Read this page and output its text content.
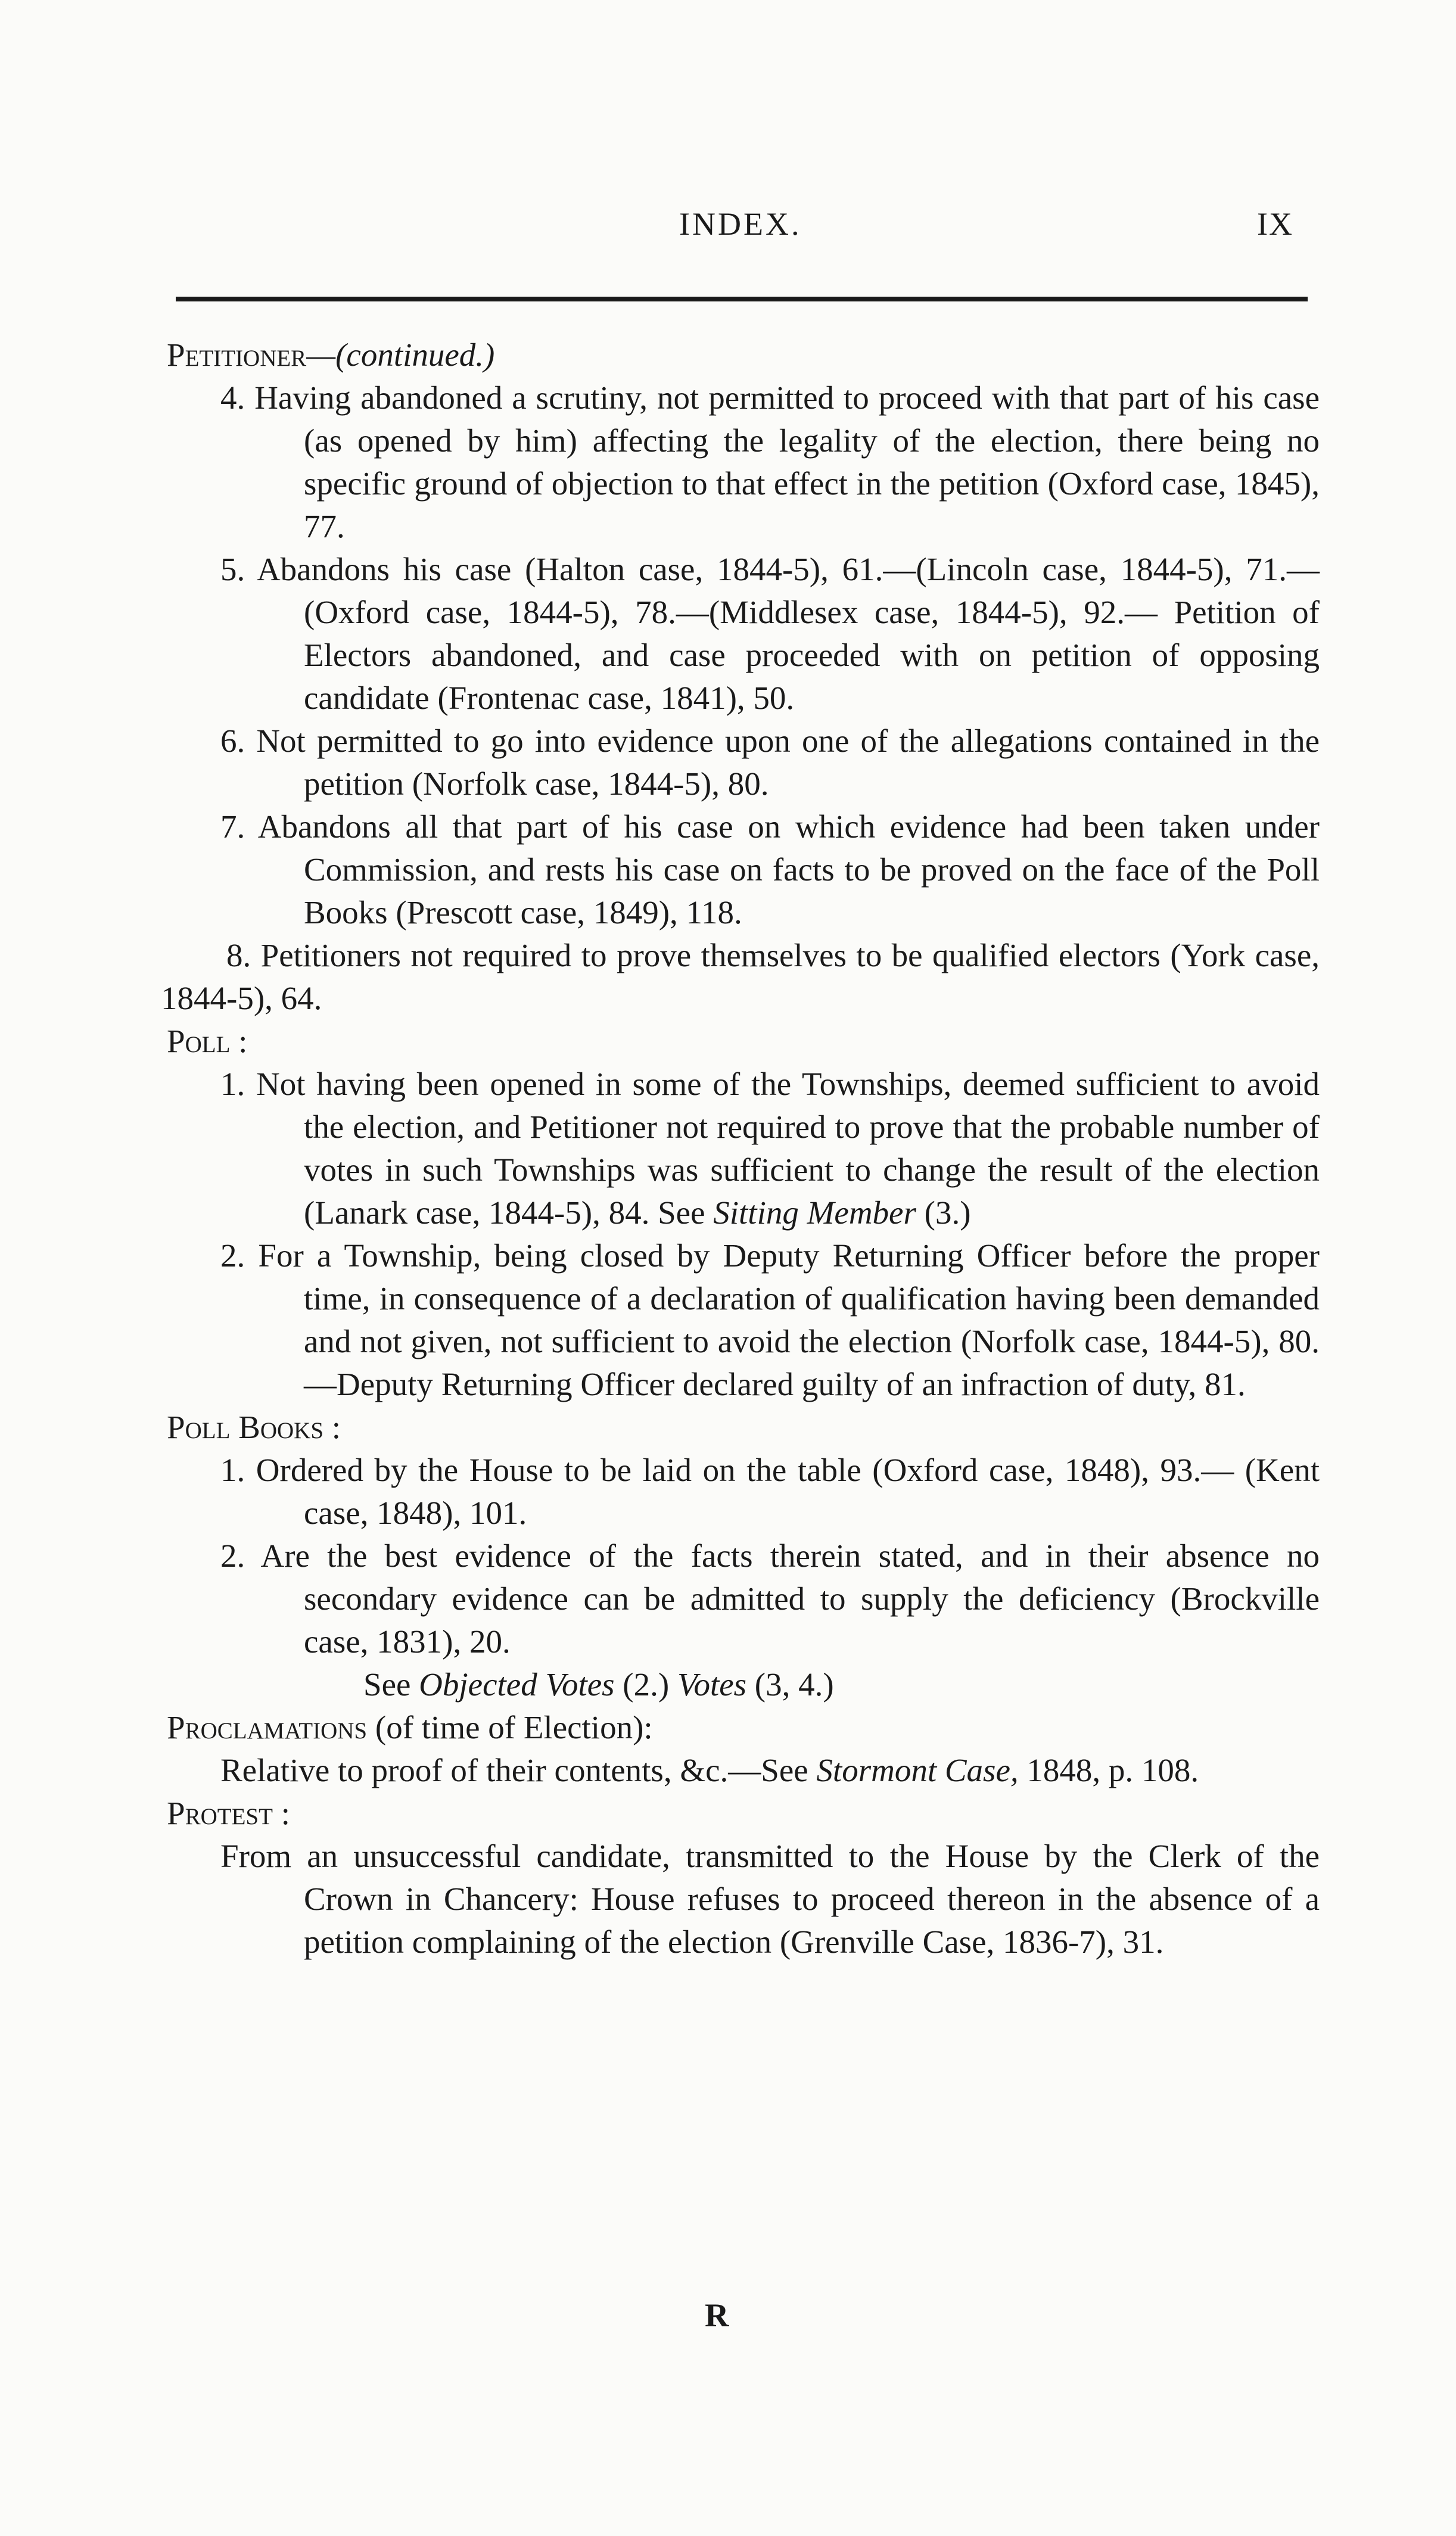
INDEX.	IX
Petitioner—(continued.)

4. Having abandoned a scrutiny, not permitted to proceed with that part of his case (as opened by him) affecting the legality of the election, there being no specific ground of objection to that effect in the petition (Oxford case, 1845), 77.

5. Abandons his case (Halton case, 1844-5), 61.—(Lincoln case, 1844-5), 71.—(Oxford case, 1844-5), 78.—(Middlesex case, 1844-5), 92.— Petition of Electors abandoned, and case proceeded with on petition of opposing candidate (Frontenac case, 1841), 50.

6. Not permitted to go into evidence upon one of the allegations contained in the petition (Norfolk case, 1844-5), 80.

7. Abandons all that part of his case on which evidence had been taken under Commission, and rests his case on facts to be proved on the face of the Poll Books (Prescott case, 1849), 118.

8. Petitioners not required to prove themselves to be qualified electors (York case, 1844-5), 64.

Poll :

1. Not having been opened in some of the Townships, deemed sufficient to avoid the election, and Petitioner not required to prove that the probable number of votes in such Townships was sufficient to change the result of the election (Lanark case, 1844-5), 84. See Sitting Member (3.)

2. For a Township, being closed by Deputy Returning Officer before the proper time, in consequence of a declaration of qualification having been demanded and not given, not sufficient to avoid the election (Norfolk case, 1844-5), 80.—Deputy Returning Officer declared guilty of an infraction of duty, 81.

Poll Books :

1. Ordered by the House to be laid on the table (Oxford case, 1848), 93.— (Kent case, 1848), 101.

2. Are the best evidence of the facts therein stated, and in their absence no secondary evidence can be admitted to supply the deficiency (Brockville case, 1831), 20.

See Objected Votes (2.) Votes (3, 4.)

Proclamations (of time of Election):

Relative to proof of their contents, &c.—See Stormont Case, 1848, p. 108.

Protest :

From an unsuccessful candidate, transmitted to the House by the Clerk of the Crown in Chancery: House refuses to proceed thereon in the absence of a petition complaining of the election (Grenville Case, 1836-7), 31.

R
